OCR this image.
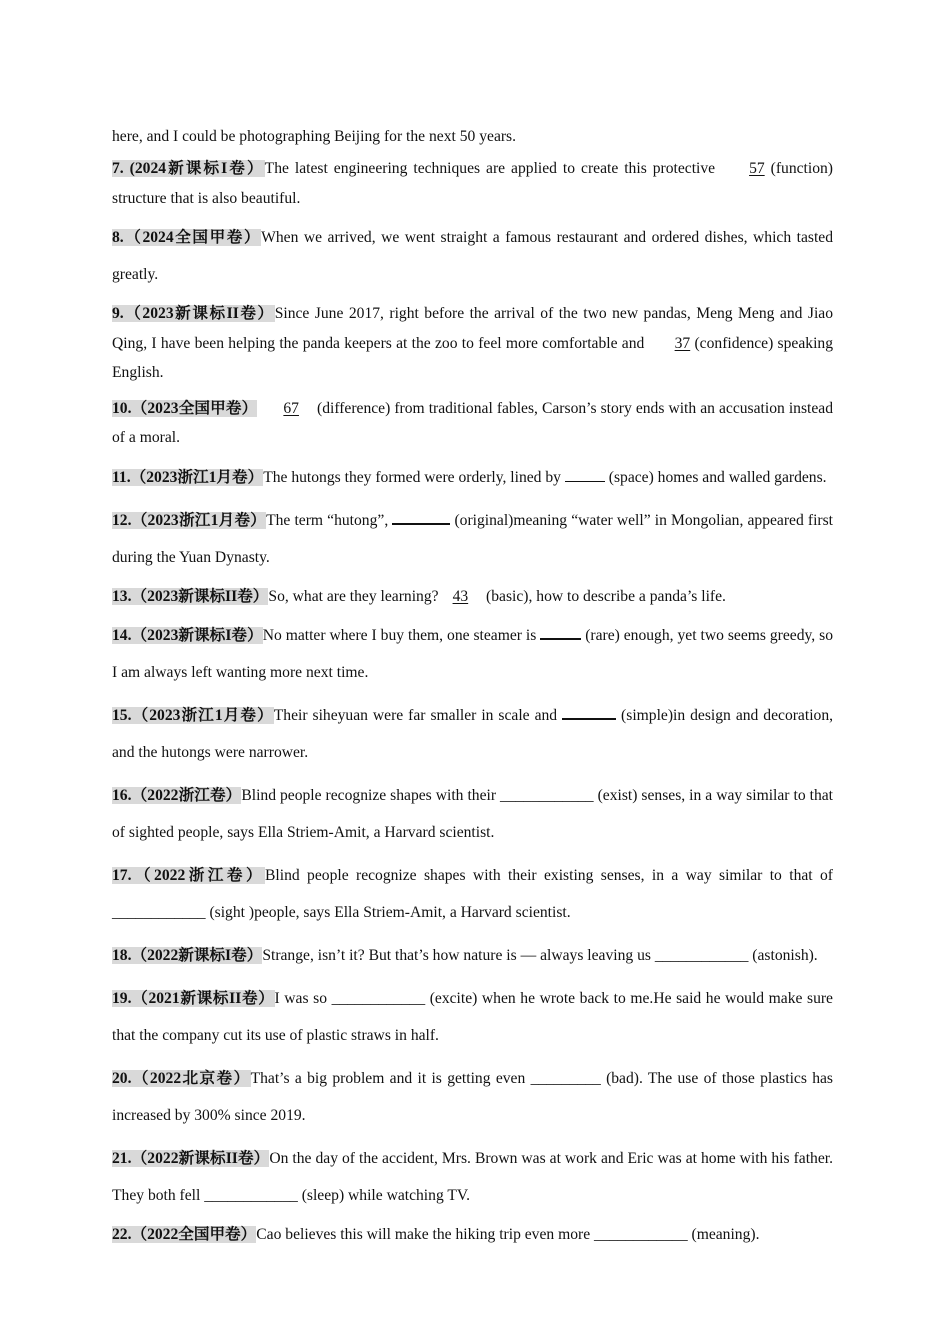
here, and I could be photographing Beijing for the next 50 years.

7. (2024新课标I卷）The latest engineering techniques are applied to create this protective 57 (function) structure that is also beautiful.

8.（2024全国甲卷）When we arrived, we went straight a famous restaurant and ordered dishes, which tasted greatly.

9.（2023新课标II卷）Since June 2017, right before the arrival of the two new pandas, Meng Meng and Jiao Qing, I have been helping the panda keepers at the zoo to feel more comfortable and 37 (confidence) speaking English.

10.（2023全国甲卷） 67 (difference) from traditional fables, Carson’s story ends with an accusation instead of a moral.

11.（2023浙江1月卷）The hutongs they formed were orderly, lined by	(space) homes and walled gardens.

12.（2023浙江1月卷）The term “hutong”,	(original)meaning “water well” in Mongolian, appeared first during the Yuan Dynasty.

13.（2023新课标II卷）So, what are they learning? 43 (basic), how to describe a panda’s life.

14.（2023新课标I卷）No matter where I buy them, one steamer is	(rare) enough, yet two seems greedy, so I am always left wanting more next time.

15.（2023浙江1月卷）Their siheyuan were far smaller in scale and	(simple)in design and decoration, and the hutongs were narrower.

16.（2022浙江卷）Blind people recognize shapes with their ____________ (exist) senses, in a way similar to that of sighted people, says Ella Striem-Amit, a Harvard scientist.

17.（2022浙江卷）Blind people recognize shapes with their existing senses, in a way similar to that of ____________ (sight )people, says Ella Striem-Amit, a Harvard scientist.

18.（2022新课标I卷）Strange, isn’t it? But that’s how nature is — always leaving us ____________ (astonish).

19.（2021新课标II卷）I was so ____________ (excite) when he wrote back to me.He said he would make sure that the company cut its use of plastic straws in half.

20.（2022北京卷）That’s a big problem and it is getting even _________ (bad). The use of those plastics has increased by 300% since 2019.

21.（2022新课标II卷）On the day of the accident, Mrs. Brown was at work and Eric was at home with his father. They both fell ____________ (sleep) while watching TV.

22.（2022全国甲卷）Cao believes this will make the hiking trip even more ____________ (meaning).
